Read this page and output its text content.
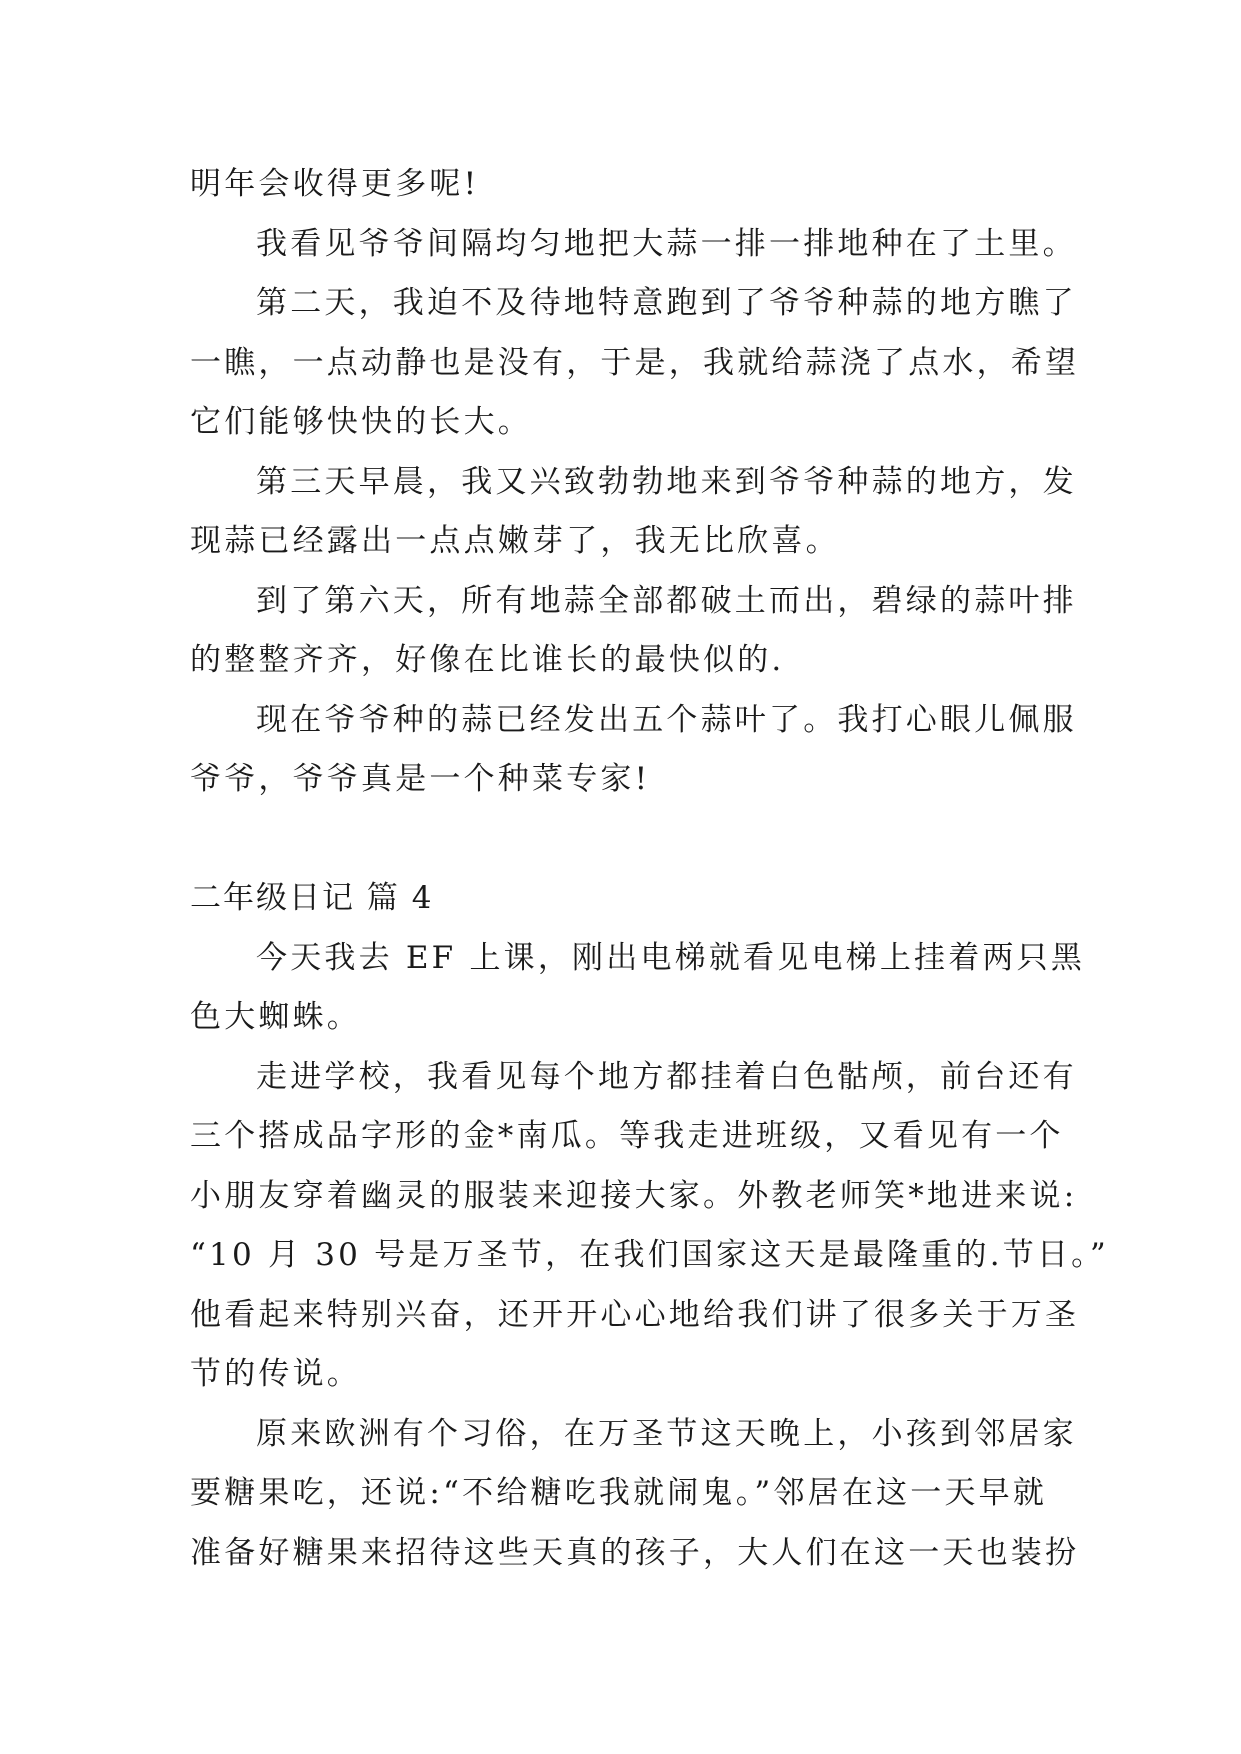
明年会收得更多呢!
我看见爷爷间隔均匀地把大蒜一排一排地种在了土里。
第二天，我迫不及待地特意跑到了爷爷种蒜的地方瞧了
一瞧，一点动静也是没有，于是，我就给蒜浇了点水，希望
它们能够快快的长大。
第三天早晨，我又兴致勃勃地来到爷爷种蒜的地方，发
现蒜已经露出一点点嫩芽了，我无比欣喜。
到了第六天，所有地蒜全部都破土而出，碧绿的蒜叶排
的整整齐齐，好像在比谁长的最快似的.
现在爷爷种的蒜已经发出五个蒜叶了。我打心眼儿佩服
爷爷，爷爷真是一个种菜专家!
二年级日记 篇 4
今天我去 EF 上课，刚出电梯就看见电梯上挂着两只黑
色大蜘蛛。
走进学校，我看见每个地方都挂着白色骷颅，前台还有
三个搭成品字形的金*南瓜。等我走进班级，又看见有一个
小朋友穿着幽灵的服装来迎接大家。外教老师笑*地进来说:
“10 月 30 号是万圣节，在我们国家这天是最隆重的.节日。”
他看起来特别兴奋，还开开心心地给我们讲了很多关于万圣
节的传说。
原来欧洲有个习俗，在万圣节这天晚上，小孩到邻居家
要糖果吃，还说:“不给糖吃我就闹鬼。”邻居在这一天早就
准备好糖果来招待这些天真的孩子，大人们在这一天也装扮
